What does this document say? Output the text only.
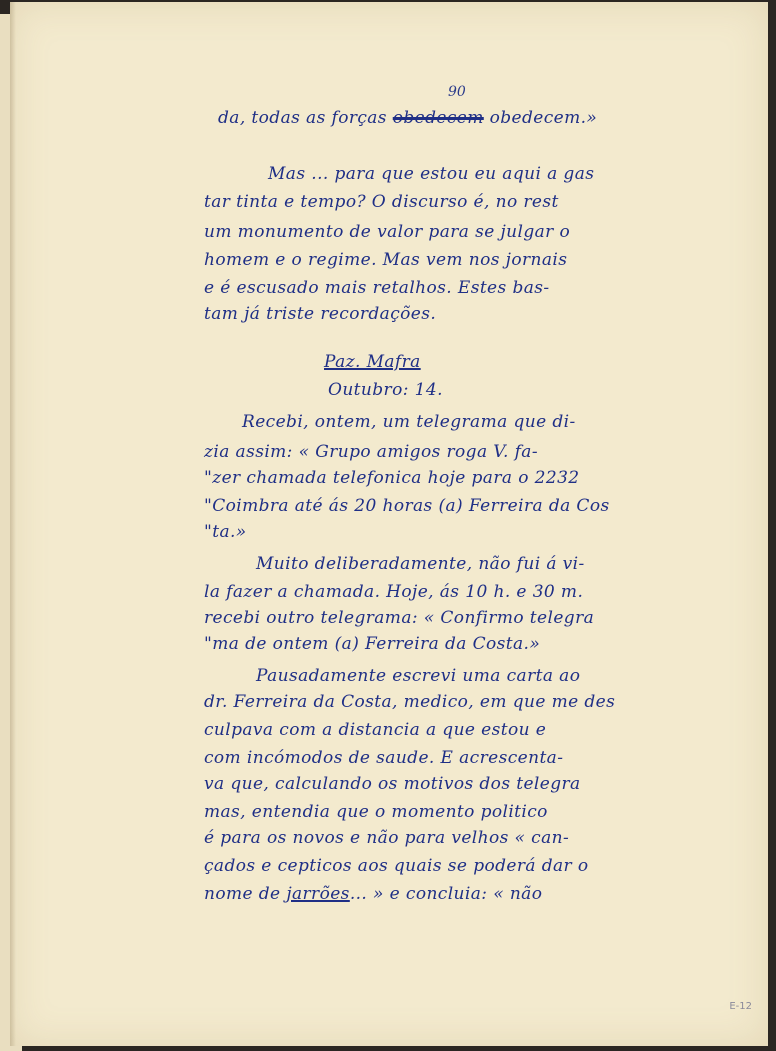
90
da, todas as forças obedecem obedecem.»
Mas ... para que estou eu aqui a gas
tar tinta e tempo? O discurso é, no rest
um monumento de valor para se julgar o
homem e o regime. Mas vem nos jornais
e é escusado mais retalhos. Estes bas-
tam já triste recordações.
Paz. Mafra
Outubro: 14.
Recebi, ontem, um telegrama que di-
zia assim: « Grupo amigos roga V. fa-
"zer chamada telefonica hoje para o 2232
"Coimbra até ás 20 horas (a) Ferreira da Cos
"ta.»
Muito deliberadamente, não fui á vi-
la fazer a chamada. Hoje, ás 10 h. e 30 m.
recebi outro telegrama: « Confirmo telegra
"ma de ontem (a) Ferreira da Costa.»
Pausadamente escrevi uma carta ao
dr. Ferreira da Costa, medico, em que me des
culpava com a distancia a que estou e
com incómodos de saude. E acrescenta-
va que, calculando os motivos dos telegra
mas, entendia que o momento politico
é para os novos e não para velhos « can-
çados e cepticos aos quais se poderá dar o
nome de jarrões... » e concluia: « não
E-12
